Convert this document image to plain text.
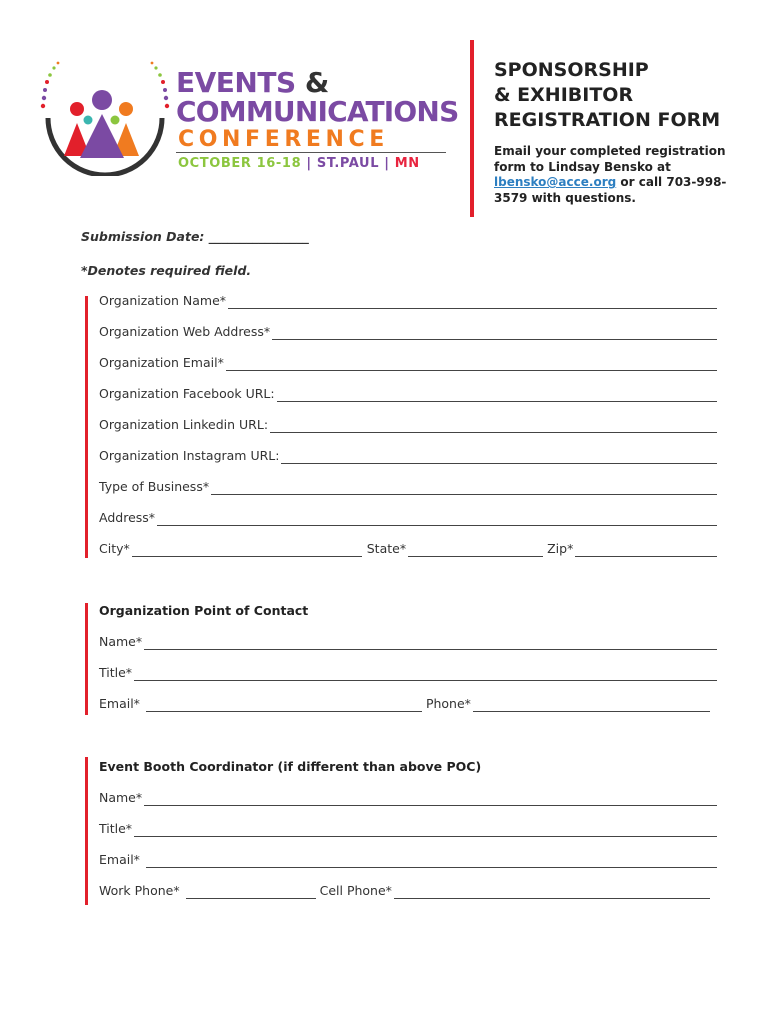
EVENTS &
COMMUNICATIONS
CONFERENCE
OCTOBER 16-18 | ST.PAUL | MN
SPONSORSHIP
& EXHIBITOR
REGISTRATION FORM
Email your completed registration form to Lindsay Bensko at lbensko@acce.org or call 703-998-3579 with questions.
Submission Date: ________________
*Denotes required field.
Organization Name*
Organization Web Address*
Organization Email*
Organization Facebook URL:
Organization Linkedin URL:
Organization Instagram URL:
Type of Business*
Address*
City*	State*	Zip*
Organization Point of Contact
Name*
Title*
Email*	Phone*
Event Booth Coordinator (if different than above POC)
Name*
Title*
Email*
Work Phone*	Cell Phone*
